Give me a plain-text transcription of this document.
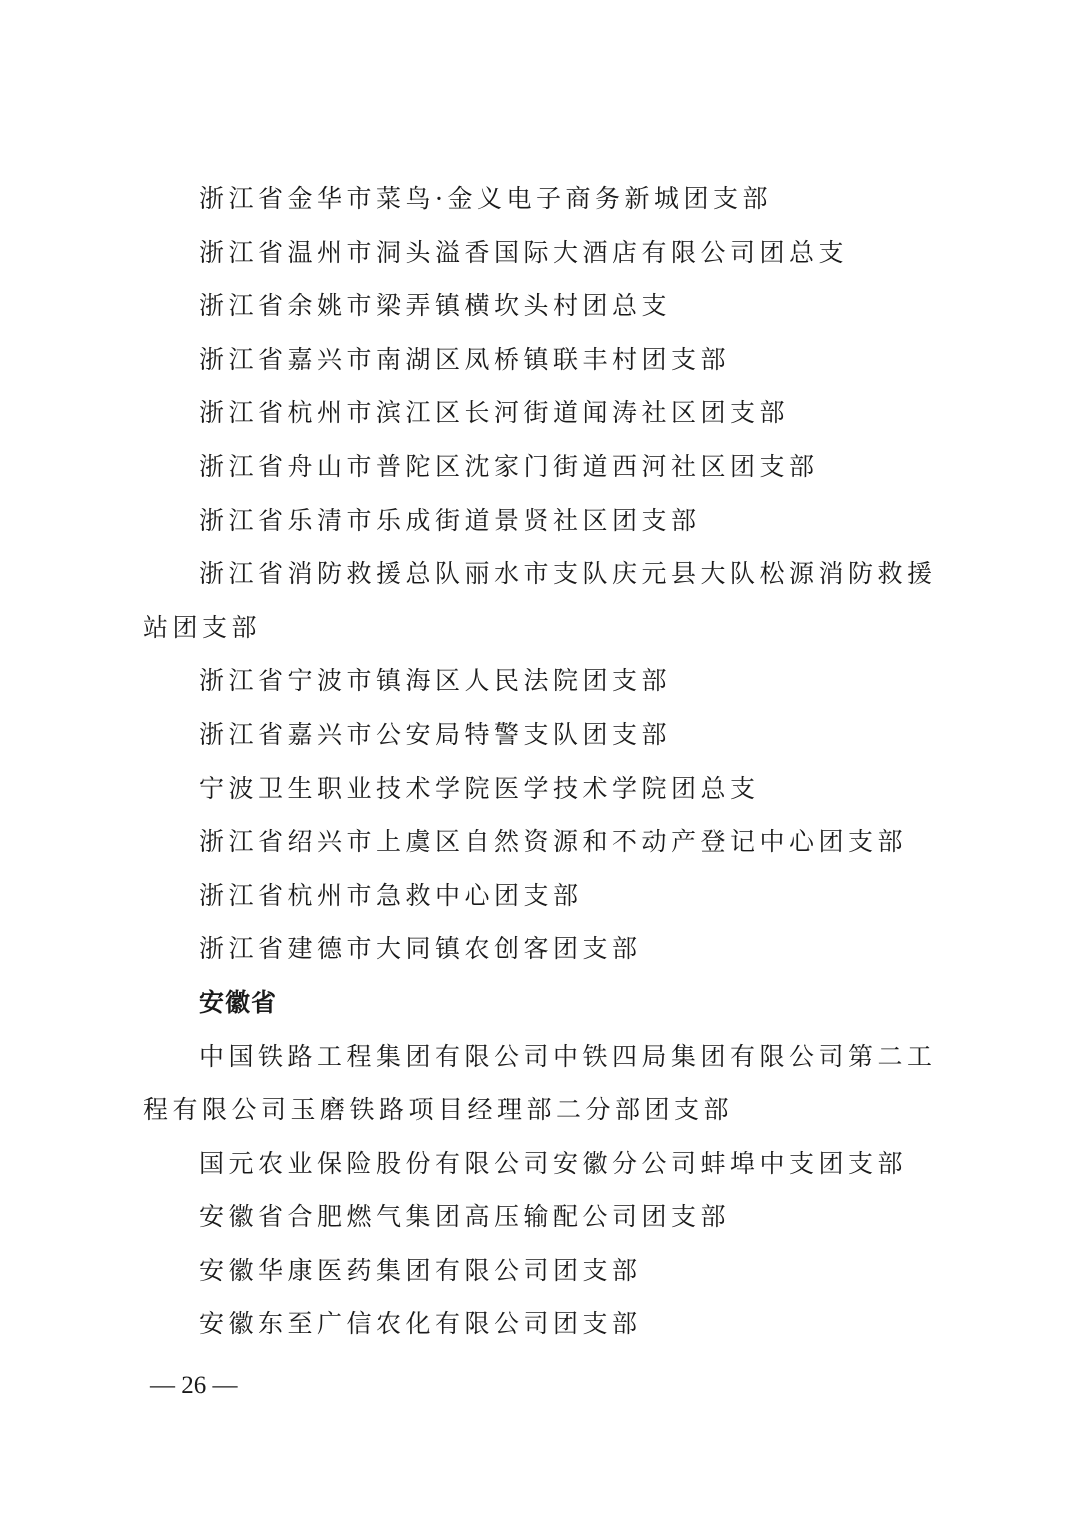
浙江省金华市菜鸟·金义电子商务新城团支部
浙江省温州市洞头溢香国际大酒店有限公司团总支
浙江省余姚市梁弄镇横坎头村团总支
浙江省嘉兴市南湖区凤桥镇联丰村团支部
浙江省杭州市滨江区长河街道闻涛社区团支部
浙江省舟山市普陀区沈家门街道西河社区团支部
浙江省乐清市乐成街道景贤社区团支部
浙江省消防救援总队丽水市支队庆元县大队松源消防救援站团支部
浙江省宁波市镇海区人民法院团支部
浙江省嘉兴市公安局特警支队团支部
宁波卫生职业技术学院医学技术学院团总支
浙江省绍兴市上虞区自然资源和不动产登记中心团支部
浙江省杭州市急救中心团支部
浙江省建德市大同镇农创客团支部
安徽省
中国铁路工程集团有限公司中铁四局集团有限公司第二工程有限公司玉磨铁路项目经理部二分部团支部
国元农业保险股份有限公司安徽分公司蚌埠中支团支部
安徽省合肥燃气集团高压输配公司团支部
安徽华康医药集团有限公司团支部
安徽东至广信农化有限公司团支部
— 26 —
